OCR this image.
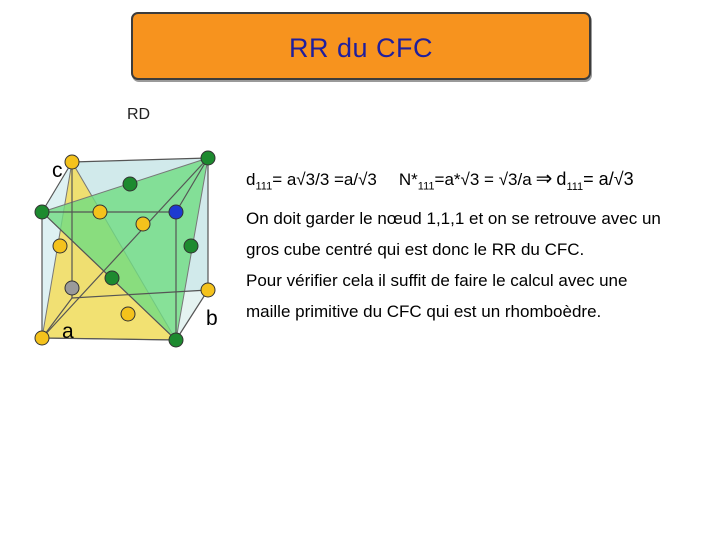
RR du CFC
RD
c
a
b
$d_{111}= a√3/3 =a/√3$ $N*_{111}=a*√3 = √3/a$ ⇒ $d_{111}= a/√3$
On doit garder le nœud 1,1,1 et on se retrouve avec un
gros cube centré qui est donc le RR du CFC.
Pour vérifier cela il suffit de faire le calcul avec une
maille primitive du CFC qui est un rhomboèdre.
